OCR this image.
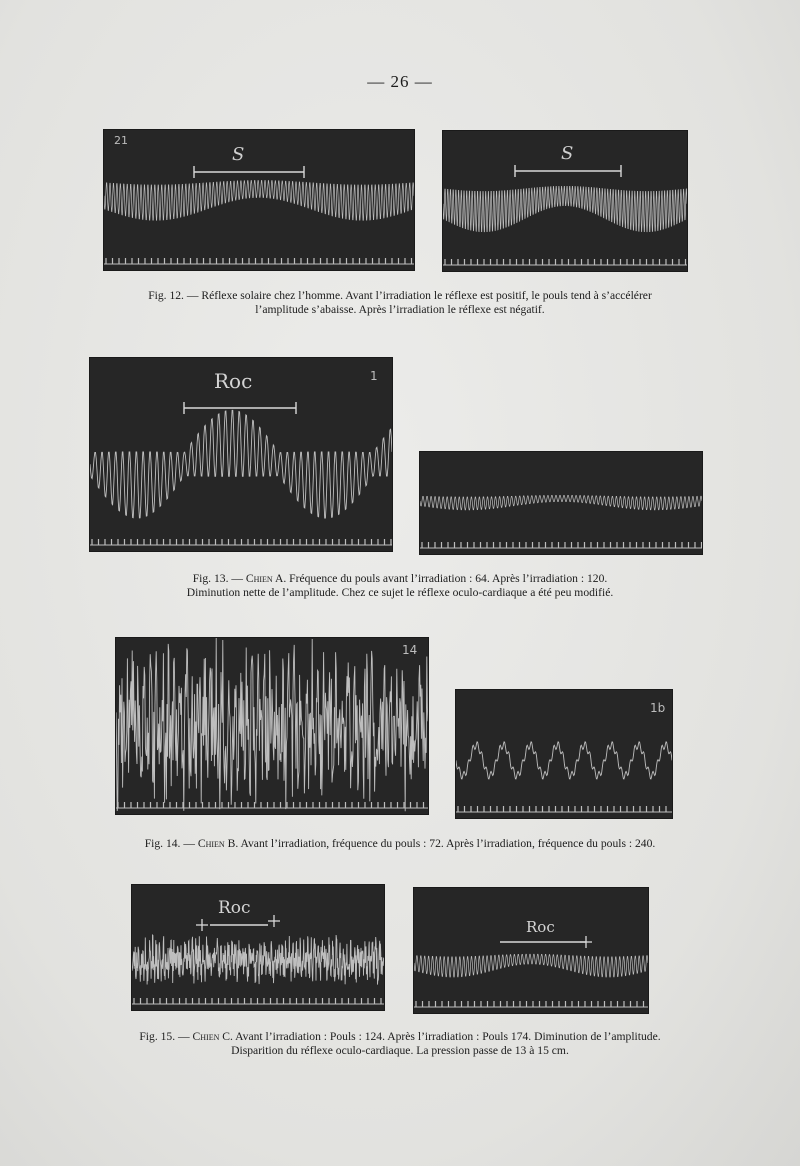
— 26 —
21
S	S
Fig. 12. — Réflexe solaire chez l’homme. Avant l’irradiation le réflexe est positif, le pouls tend à s’accélérer
l’amplitude s’abaisse. Après l’irradiation le réflexe est négatif.
1
Roc
Fig. 13. — Chien A. Fréquence du pouls avant l’irradiation : 64. Après l’irradiation : 120.
Diminution nette de l’amplitude. Chez ce sujet le réflexe oculo-cardiaque a été peu modifié.
14
1b
Fig. 14. — Chien B. Avant l’irradiation, fréquence du pouls : 72. Après l’irradiation, fréquence du pouls : 240.
Roc
Roc
Fig. 15. — Chien C. Avant l’irradiation : Pouls : 124. Après l’irradiation : Pouls 174. Diminution de l’amplitude.
Disparition du réflexe oculo-cardiaque. La pression passe de 13 à 15 cm.
